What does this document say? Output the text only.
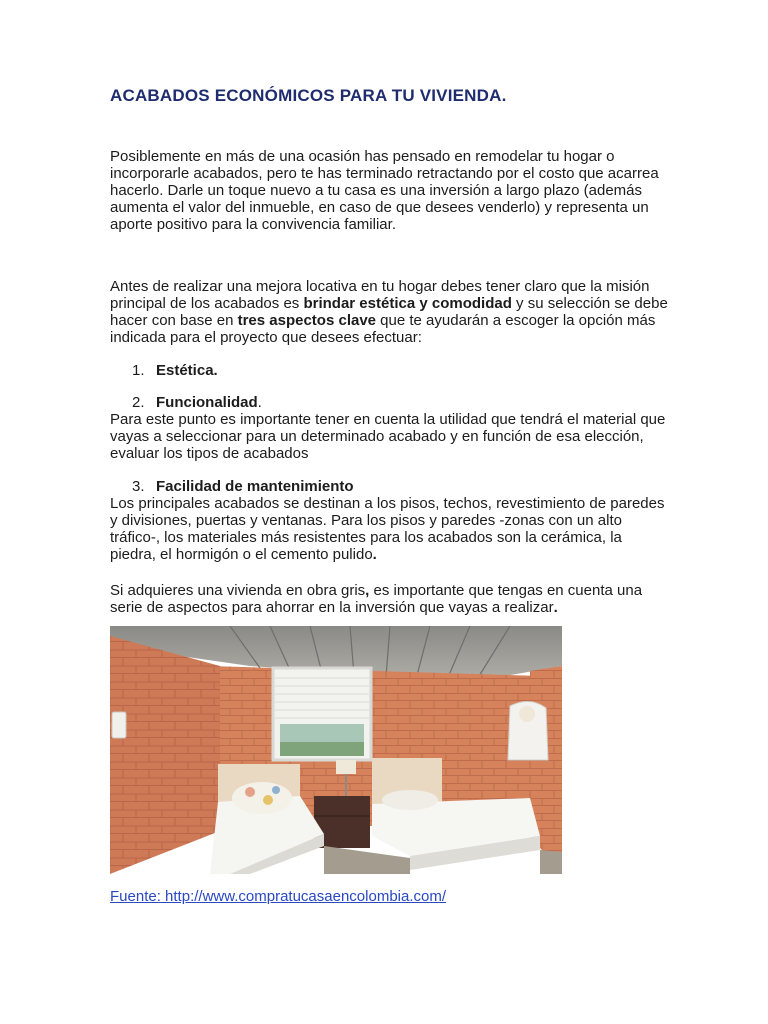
ACABADOS ECONÓMICOS PARA TU VIVIENDA.

Posiblemente en más de una ocasión has pensado en remodelar tu hogar o incorporarle acabados, pero te has terminado retractando por el costo que acarrea hacerlo. Darle un toque nuevo a tu casa es una inversión a largo plazo (además aumenta el valor del inmueble, en caso de que desees venderlo) y representa un aporte positivo para la convivencia familiar.

Antes de realizar una mejora locativa en tu hogar debes tener claro que la misión principal de los acabados es brindar estética y comodidad y su selección se debe hacer con base en tres aspectos clave que te ayudarán a escoger la opción más indicada para el proyecto que desees efectuar:

1. Estética.
2. Funcionalidad.

Para este punto es importante tener en cuenta la utilidad que tendrá el material que vayas a seleccionar para un determinado acabado y en función de esa elección, evaluar los tipos de acabados

3. Facilidad de mantenimiento

Los principales acabados se destinan a los pisos, techos, revestimiento de paredes y divisiones, puertas y ventanas. Para los pisos y paredes -zonas con un alto tráfico-, los materiales más resistentes para los acabados son la cerámica, la piedra, el hormigón o el cemento pulido.

Si adquieres una vivienda en obra gris, es importante que tengas en cuenta una serie de aspectos para ahorrar en la inversión que vayas a realizar.

Fuente: http://www.compratucasaencolombia.com/
